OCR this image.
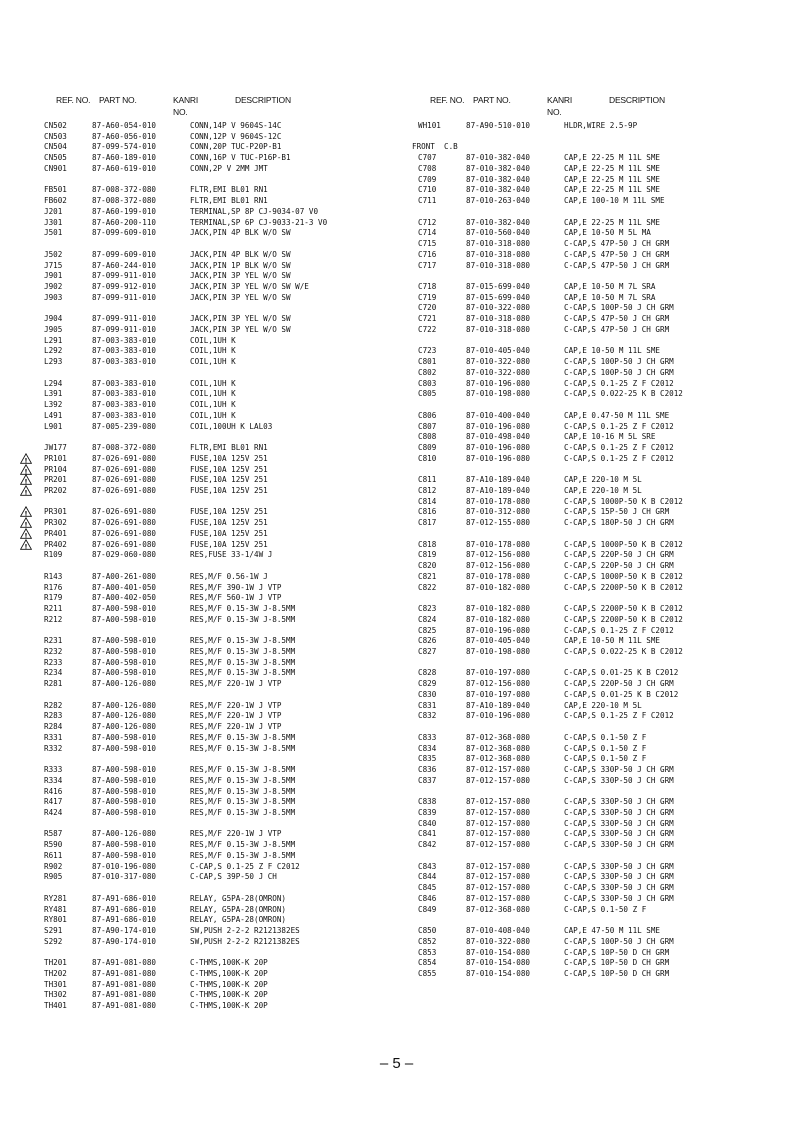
REF. NO. PART NO.	KANRI
NO.
DESCRIPTION	REF. NO. PART NO.	KANRI
NO.
DESCRIPTION
CN502	87-A60-054-010	CONN,14P V 9604S-14C
CN503	87-A60-056-010	CONN,12P V 9604S-12C
CN504	87-099-574-010	CONN,20P TUC-P20P-B1
CN505	87-A60-189-010	CONN,16P V TUC-P16P-B1
CN901	87-A60-619-010	CONN,2P V 2MM JMT
FB501	87-008-372-080	FLTR,EMI BL01 RN1
FB602	87-008-372-080	FLTR,EMI BL01 RN1
J201	87-A60-199-010	TERMINAL,SP 8P CJ-9034-07 V0
J301	87-A60-200-110	TERMINAL,SP 6P CJ-9033-21-3 V0
J501	87-099-609-010	JACK,PIN 4P BLK W/O SW
J502	87-099-609-010	JACK,PIN 4P BLK W/O SW
J715	87-A60-244-010	JACK,PIN 1P BLK W/O SW
J901	87-099-911-010	JACK,PIN 3P YEL W/O SW
J902	87-099-912-010	JACK,PIN 3P YEL W/O SW W/E
J903	87-099-911-010	JACK,PIN 3P YEL W/O SW
J904	87-099-911-010	JACK,PIN 3P YEL W/O SW
J905	87-099-911-010	JACK,PIN 3P YEL W/O SW
L291	87-003-383-010	COIL,1UH K
L292	87-003-383-010	COIL,1UH K
L293	87-003-383-010	COIL,1UH K
L294	87-003-383-010	COIL,1UH K
L391	87-003-383-010	COIL,1UH K
L392	87-003-383-010	COIL,1UH K
L491	87-003-383-010	COIL,1UH K
L901	87-005-239-080	COIL,100UH K LAL03
JW177	87-008-372-080	FLTR,EMI BL01 RN1
! PR101	87-026-691-080	FUSE,10A 125V 251
! PR104	87-026-691-080	FUSE,10A 125V 251
! PR201	87-026-691-080	FUSE,10A 125V 251
! PR202	87-026-691-080	FUSE,10A 125V 251
! PR301	87-026-691-080	FUSE,10A 125V 251
! PR302	87-026-691-080	FUSE,10A 125V 251
! PR401	87-026-691-080	FUSE,10A 125V 251
! PR402	87-026-691-080	FUSE,10A 125V 251
R109	87-029-060-080	RES,FUSE 33-1/4W J
R143	87-A00-261-080	RES,M/F 0.56-1W J
R176	87-A00-401-050	RES,M/F 390-1W J VTP
R179	87-A00-402-050	RES,M/F 560-1W J VTP
R211	87-A00-598-010	RES,M/F 0.15-3W J-8.5MM
R212	87-A00-598-010	RES,M/F 0.15-3W J-8.5MM
R231	87-A00-598-010	RES,M/F 0.15-3W J-8.5MM
R232	87-A00-598-010	RES,M/F 0.15-3W J-8.5MM
R233	87-A00-598-010	RES,M/F 0.15-3W J-8.5MM
R234	87-A00-598-010	RES,M/F 0.15-3W J-8.5MM
R281	87-A00-126-080	RES,M/F 220-1W J VTP
R282	87-A00-126-080	RES,M/F 220-1W J VTP
R283	87-A00-126-080	RES,M/F 220-1W J VTP
R284	87-A00-126-080	RES,M/F 220-1W J VTP
R331	87-A00-598-010	RES,M/F 0.15-3W J-8.5MM
R332	87-A00-598-010	RES,M/F 0.15-3W J-8.5MM
R333	87-A00-598-010	RES,M/F 0.15-3W J-8.5MM
R334	87-A00-598-010	RES,M/F 0.15-3W J-8.5MM
R416	87-A00-598-010	RES,M/F 0.15-3W J-8.5MM
R417	87-A00-598-010	RES,M/F 0.15-3W J-8.5MM
R424	87-A00-598-010	RES,M/F 0.15-3W J-8.5MM
R587	87-A00-126-080	RES,M/F 220-1W J VTP
R590	87-A00-598-010	RES,M/F 0.15-3W J-8.5MM
R611	87-A00-598-010	RES,M/F 0.15-3W J-8.5MM
R902	87-010-196-080	C-CAP,S 0.1-25 Z F C2012
R905	87-010-317-080	C-CAP,S 39P-50 J CH
RY281	87-A91-686-010	RELAY, G5PA-28(OMRON)
RY481	87-A91-686-010	RELAY, G5PA-28(OMRON)
RY801	87-A91-686-010	RELAY, G5PA-28(OMRON)
S291	87-A90-174-010	SW,PUSH 2-2-2 R2121382ES
S292	87-A90-174-010	SW,PUSH 2-2-2 R2121382ES
TH201	87-A91-081-080	C-THMS,100K-K 20P
TH202	87-A91-081-080	C-THMS,100K-K 20P
TH301	87-A91-081-080	C-THMS,100K-K 20P
TH302	87-A91-081-080	C-THMS,100K-K 20P
TH401	87-A91-081-080	C-THMS,100K-K 20P
WH101	87-A90-510-010	HLDR,WIRE 2.5-9P
FRONT  C.B
C707	87-010-382-040	CAP,E 22-25 M 11L SME
C708	87-010-382-040	CAP,E 22-25 M 11L SME
C709	87-010-382-040	CAP,E 22-25 M 11L SME
C710	87-010-382-040	CAP,E 22-25 M 11L SME
C711	87-010-263-040	CAP,E 100-10 M 11L SME
C712	87-010-382-040	CAP,E 22-25 M 11L SME
C714	87-010-560-040	CAP,E 10-50 M 5L MA
C715	87-010-318-080	C-CAP,S 47P-50 J CH GRM
C716	87-010-318-080	C-CAP,S 47P-50 J CH GRM
C717	87-010-318-080	C-CAP,S 47P-50 J CH GRM
C718	87-015-699-040	CAP,E 10-50 M 7L SRA
C719	87-015-699-040	CAP,E 10-50 M 7L SRA
C720	87-010-322-080	C-CAP,S 100P-50 J CH GRM
C721	87-010-318-080	C-CAP,S 47P-50 J CH GRM
C722	87-010-318-080	C-CAP,S 47P-50 J CH GRM
C723	87-010-405-040	CAP,E 10-50 M 11L SME
C801	87-010-322-080	C-CAP,S 100P-50 J CH GRM
C802	87-010-322-080	C-CAP,S 100P-50 J CH GRM
C803	87-010-196-080	C-CAP,S 0.1-25 Z F C2012
C805	87-010-198-080	C-CAP,S 0.022-25 K B C2012
C806	87-010-400-040	CAP,E 0.47-50 M 11L SME
C807	87-010-196-080	C-CAP,S 0.1-25 Z F C2012
C808	87-010-498-040	CAP,E 10-16 M 5L SRE
C809	87-010-196-080	C-CAP,S 0.1-25 Z F C2012
C810	87-010-196-080	C-CAP,S 0.1-25 Z F C2012
C811	87-A10-189-040	CAP,E 220-10 M 5L
C812	87-A10-189-040	CAP,E 220-10 M 5L
C814	87-010-178-080	C-CAP,S 1000P-50 K B C2012
C816	87-010-312-080	C-CAP,S 15P-50 J CH GRM
C817	87-012-155-080	C-CAP,S 180P-50 J CH GRM
C818	87-010-178-080	C-CAP,S 1000P-50 K B C2012
C819	87-012-156-080	C-CAP,S 220P-50 J CH GRM
C820	87-012-156-080	C-CAP,S 220P-50 J CH GRM
C821	87-010-178-080	C-CAP,S 1000P-50 K B C2012
C822	87-010-182-080	C-CAP,S 2200P-50 K B C2012
C823	87-010-182-080	C-CAP,S 2200P-50 K B C2012
C824	87-010-182-080	C-CAP,S 2200P-50 K B C2012
C825	87-010-196-080	C-CAP,S 0.1-25 Z F C2012
C826	87-010-405-040	CAP,E 10-50 M 11L SME
C827	87-010-198-080	C-CAP,S 0.022-25 K B C2012
C828	87-010-197-080	C-CAP,S 0.01-25 K B C2012
C829	87-012-156-080	C-CAP,S 220P-50 J CH GRM
C830	87-010-197-080	C-CAP,S 0.01-25 K B C2012
C831	87-A10-189-040	CAP,E 220-10 M 5L
C832	87-010-196-080	C-CAP,S 0.1-25 Z F C2012
C833	87-012-368-080	C-CAP,S 0.1-50 Z F
C834	87-012-368-080	C-CAP,S 0.1-50 Z F
C835	87-012-368-080	C-CAP,S 0.1-50 Z F
C836	87-012-157-080	C-CAP,S 330P-50 J CH GRM
C837	87-012-157-080	C-CAP,S 330P-50 J CH GRM
C838	87-012-157-080	C-CAP,S 330P-50 J CH GRM
C839	87-012-157-080	C-CAP,S 330P-50 J CH GRM
C840	87-012-157-080	C-CAP,S 330P-50 J CH GRM
C841	87-012-157-080	C-CAP,S 330P-50 J CH GRM
C842	87-012-157-080	C-CAP,S 330P-50 J CH GRM
C843	87-012-157-080	C-CAP,S 330P-50 J CH GRM
C844	87-012-157-080	C-CAP,S 330P-50 J CH GRM
C845	87-012-157-080	C-CAP,S 330P-50 J CH GRM
C846	87-012-157-080	C-CAP,S 330P-50 J CH GRM
C849	87-012-368-080	C-CAP,S 0.1-50 Z F
C850	87-010-408-040	CAP,E 47-50 M 11L SME
C852	87-010-322-080	C-CAP,S 100P-50 J CH GRM
C853	87-010-154-080	C-CAP,S 10P-50 D CH GRM
C854	87-010-154-080	C-CAP,S 10P-50 D CH GRM
C855	87-010-154-080	C-CAP,S 10P-50 D CH GRM
– 5 –
